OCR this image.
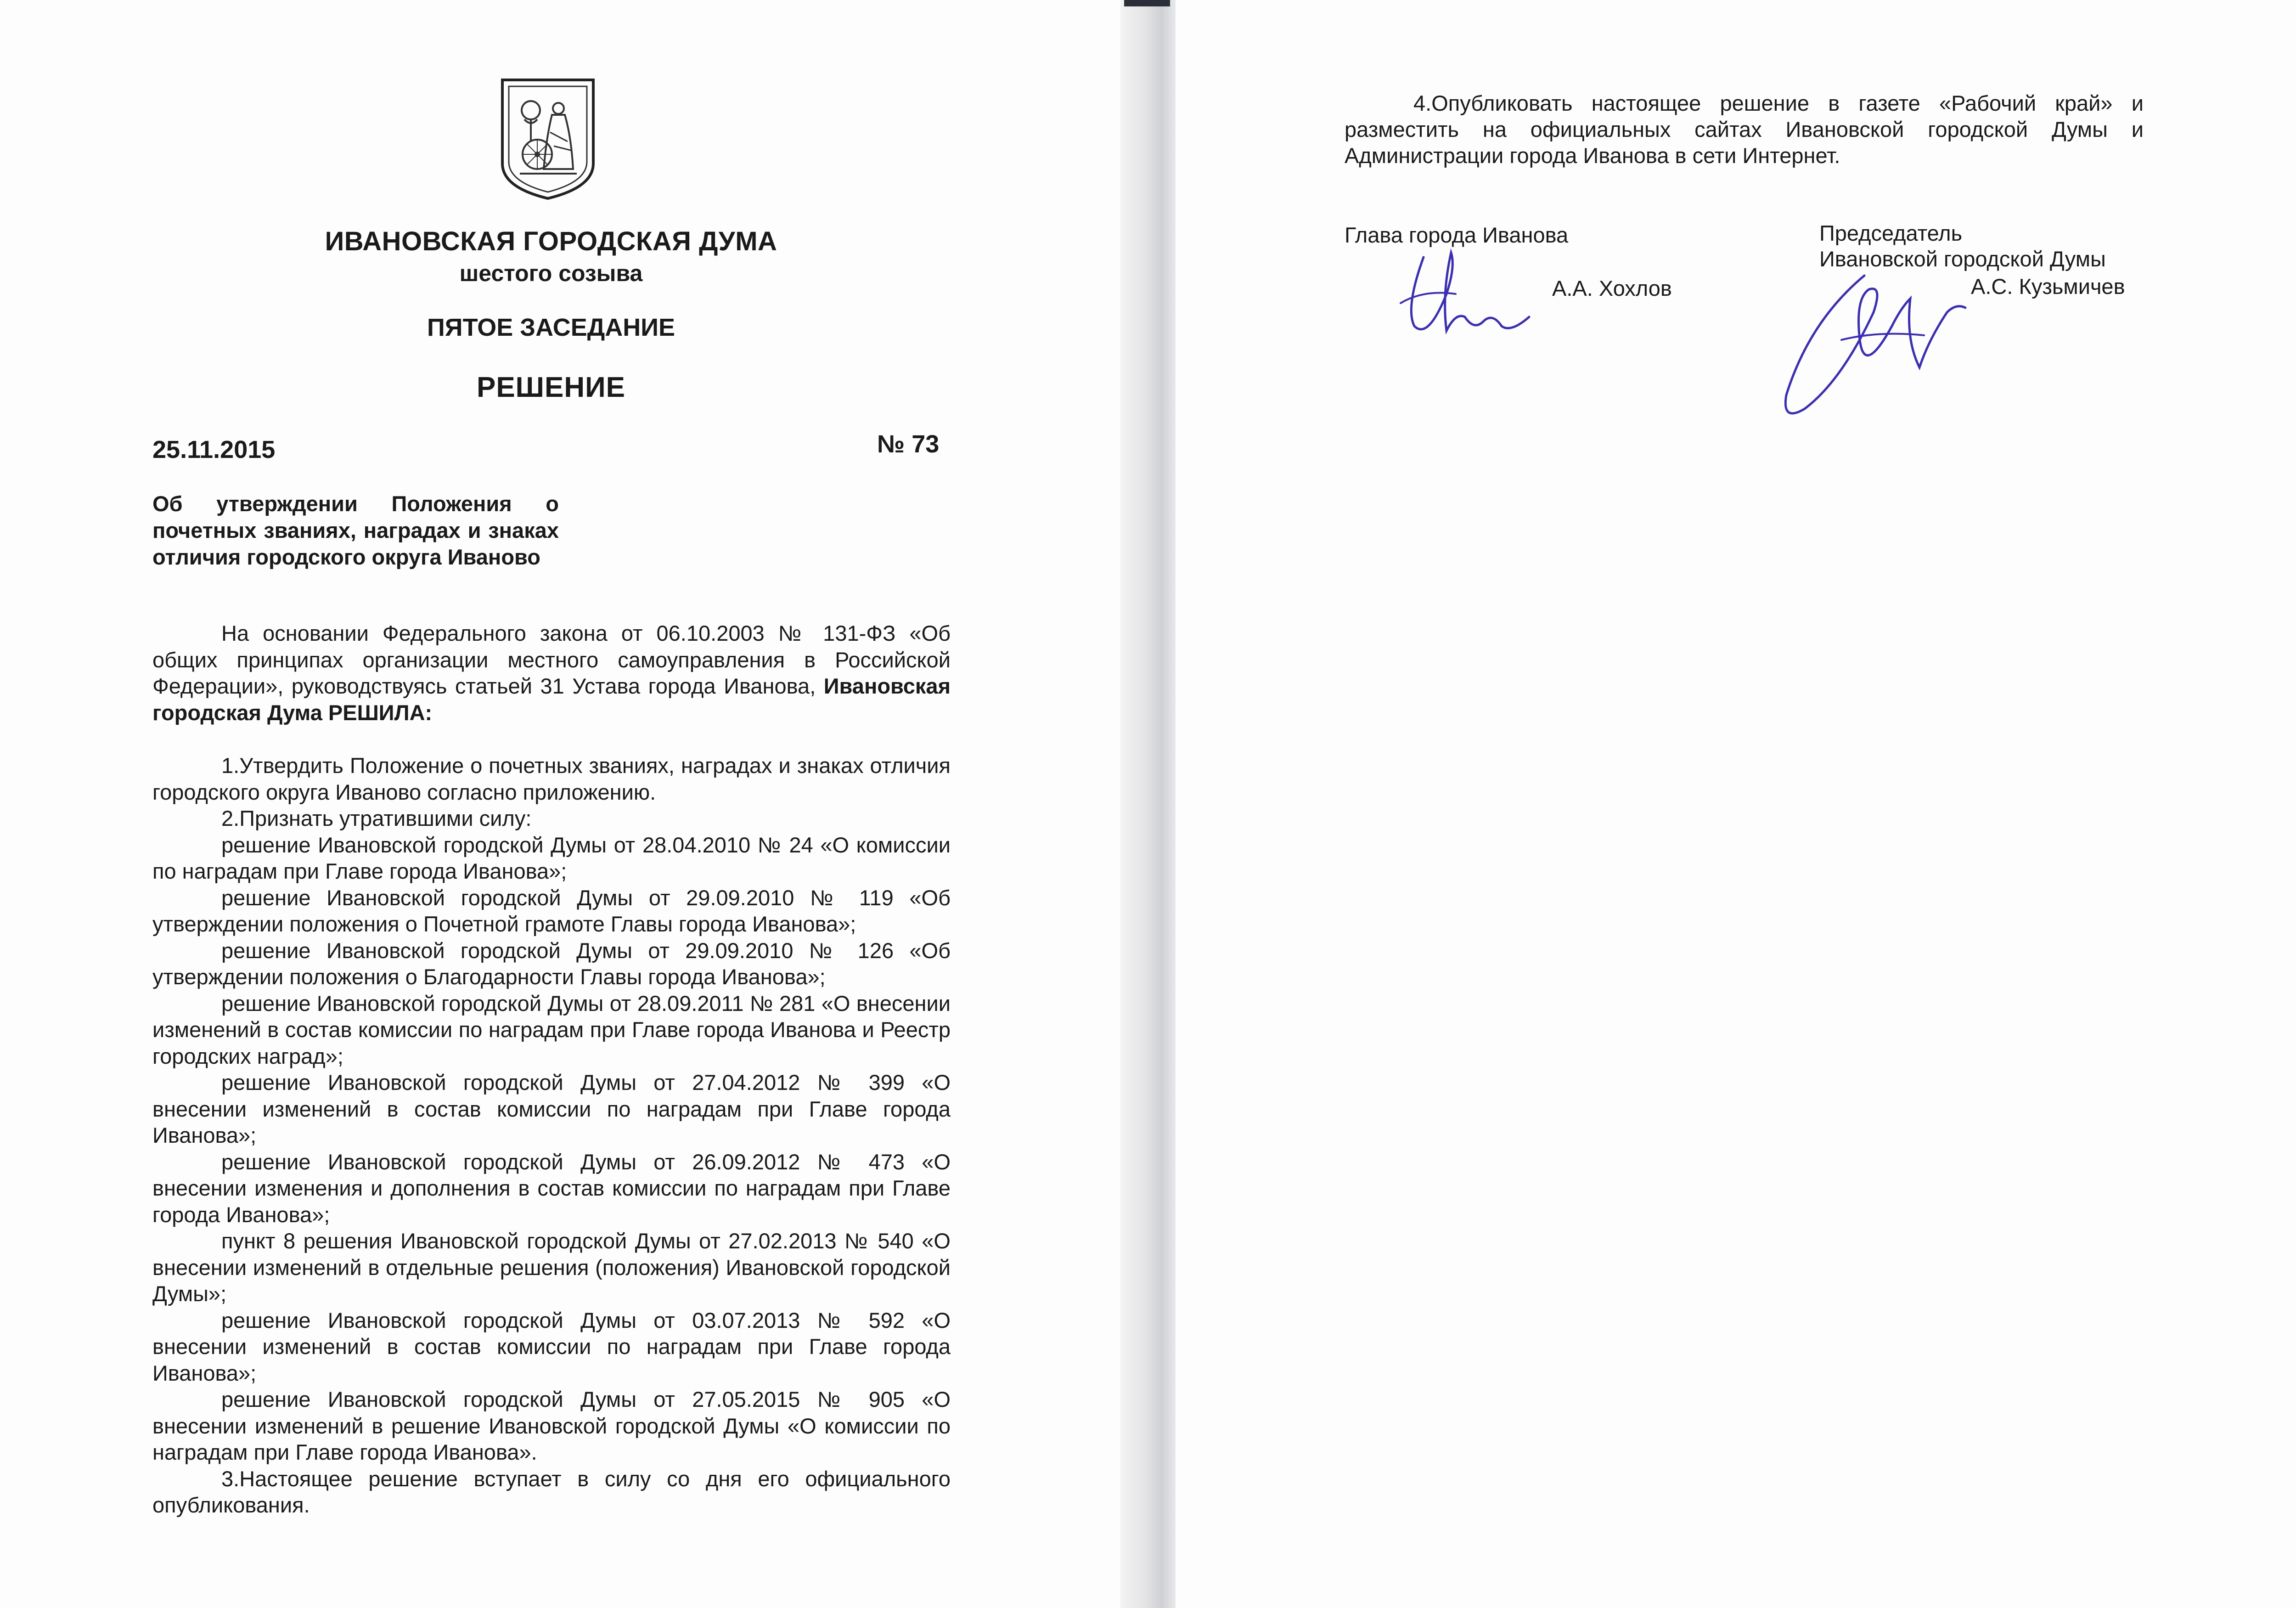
ИВАНОВСКАЯ ГОРОДСКАЯ ДУМА
шестого созыва
ПЯТОЕ ЗАСЕДАНИЕ
РЕШЕНИЕ
25.11.2015	№ 73
Об утверждении Положения о почетных званиях, наградах и знаках отличия городского округа Иваново

На основании Федерального закона от 06.10.2003 № 131-ФЗ «Об общих принципах организации местного самоуправления в Российской Федерации», руководствуясь статьей 31 Устава города Иванова, Ивановская городская Дума РЕШИЛА:

1.Утвердить Положение о почетных званиях, наградах и знаках отличия городского округа Иваново согласно приложению.

2.Признать утратившими силу:

решение Ивановской городской Думы от 28.04.2010 № 24 «О комиссии по наградам при Главе города Иванова»;

решение Ивановской городской Думы от 29.09.2010 № 119 «Об утверждении положения о Почетной грамоте Главы города Иванова»;

решение Ивановской городской Думы от 29.09.2010 № 126 «Об утверждении положения о Благодарности Главы города Иванова»;

решение Ивановской городской Думы от 28.09.2011 № 281 «О внесении изменений в состав комиссии по наградам при Главе города Иванова и Реестр городских наград»;

решение Ивановской городской Думы от 27.04.2012 № 399 «О внесении изменений в состав комиссии по наградам при Главе города Иванова»;

решение Ивановской городской Думы от 26.09.2012 № 473 «О внесении изменения и дополнения в состав комиссии по наградам при Главе города Иванова»;

пункт 8 решения Ивановской городской Думы от 27.02.2013 № 540 «О внесении изменений в отдельные решения (положения) Ивановской городской Думы»;

решение Ивановской городской Думы от 03.07.2013 № 592 «О внесении изменений в состав комиссии по наградам при Главе города Иванова»;

решение Ивановской городской Думы от 27.05.2015 № 905 «О внесении изменений в решение Ивановской городской Думы «О комиссии по наградам при Главе города Иванова».

3.Настоящее решение вступает в силу со дня его официального опубликования.

4.Опубликовать настоящее решение в газете «Рабочий край» и разместить на официальных сайтах Ивановской городской Думы и Администрации города Иванова в сети Интернет.

Глава города Иванова
А.А. Хохлов
Председатель
Ивановской городской Думы
А.С. Кузьмичев
